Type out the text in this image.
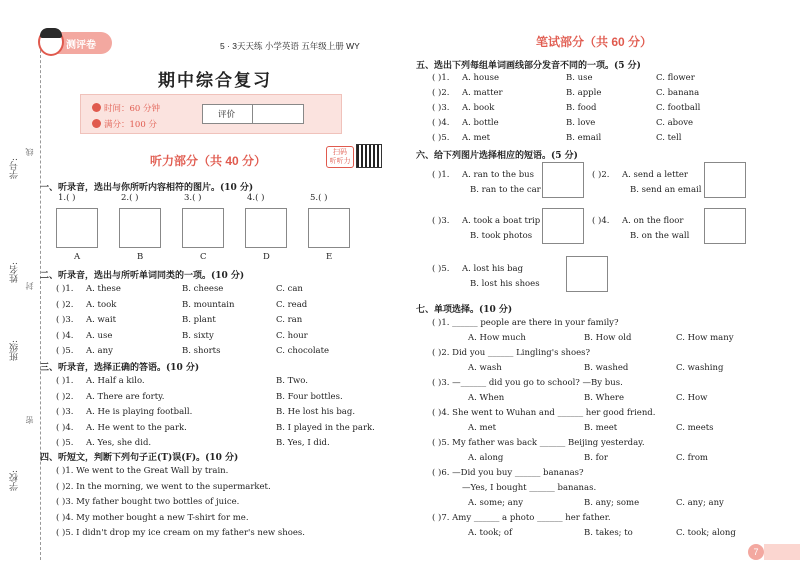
学校:
班级:
姓名:
学号:
线
封
密
测评卷	5 · 3天天练 小学英语 五年级上册 WY
期中综合复习
时间：60 分钟
满分：100 分
评价
听力部分（共 40 分）
扫码 听听力
一、听录音，选出与你所听内容相符的图片。(10 分)
1.( )
A
2.( )
B
3.( )
C
4.( )
D
5.( )
E
二、听录音，选出与所听单词同类的一项。(10 分)
( )1. A. these	B. cheese	C. can
( )2. A. took	B. mountain	C. read
( )3. A. wait	B. plant	C. ran
( )4. A. use	B. sixty	C. hour
( )5. A. any	B. shorts	C. chocolate
三、听录音，选择正确的答语。(10 分)
( )1. A. Half a kilo.	B. Two.
( )2. A. There are forty.	B. Four bottles.
( )3. A. He is playing football.	B. He lost his bag.
( )4. A. He went to the park.	B. I played in the park.
( )5. A. Yes, she did.	B. Yes, I did.
四、听短文，判断下列句子正(T)误(F)。(10 分)
( )1. We went to the Great Wall by train.
( )2. In the morning, we went to the supermarket.
( )3. My father bought two bottles of juice.
( )4. My mother bought a new T-shirt for me.
( )5. I didn't drop my ice cream on my father's new shoes.
笔试部分（共 60 分）
五、选出下列每组单词画线部分发音不同的一项。(5 分)
( )1. A. house	B. use	C. flower
( )2. A. matter	B. apple	C. banana
( )3. A. book	B. food	C. football
( )4. A. bottle	B. love	C. above
( )5. A. met	B. email	C. tell
六、给下列图片选择相应的短语。(5 分)
( )1. A. ran to the bus
B. ran to the car
( )2. A. send a letter
B. send an email
( )3. A. took a boat trip
B. took photos
( )4. A. on the floor
B. on the wall
( )5. A. lost his bag
B. lost his shoes
七、单项选择。(10 分)
( )1. ______ people are there in your family?
A. How much	B. How old	C. How many
( )2. Did you ______ Lingling's shoes?
A. wash	B. washed	C. washing
( )3. —______ did you go to school? —By bus.
A. When	B. Where	C. How
( )4. She went to Wuhan and ______ her good friend.
A. met	B. meet	C. meets
( )5. My father was back ______ Beijing yesterday.
A. along	B. for	C. from
( )6. —Did you buy ______ bananas?
—Yes, I bought ______ bananas.
A. some; any	B. any; some	C. any; any
( )7. Amy ______ a photo ______ her father.
A. took; of	B. takes; to	C. took; along
7
